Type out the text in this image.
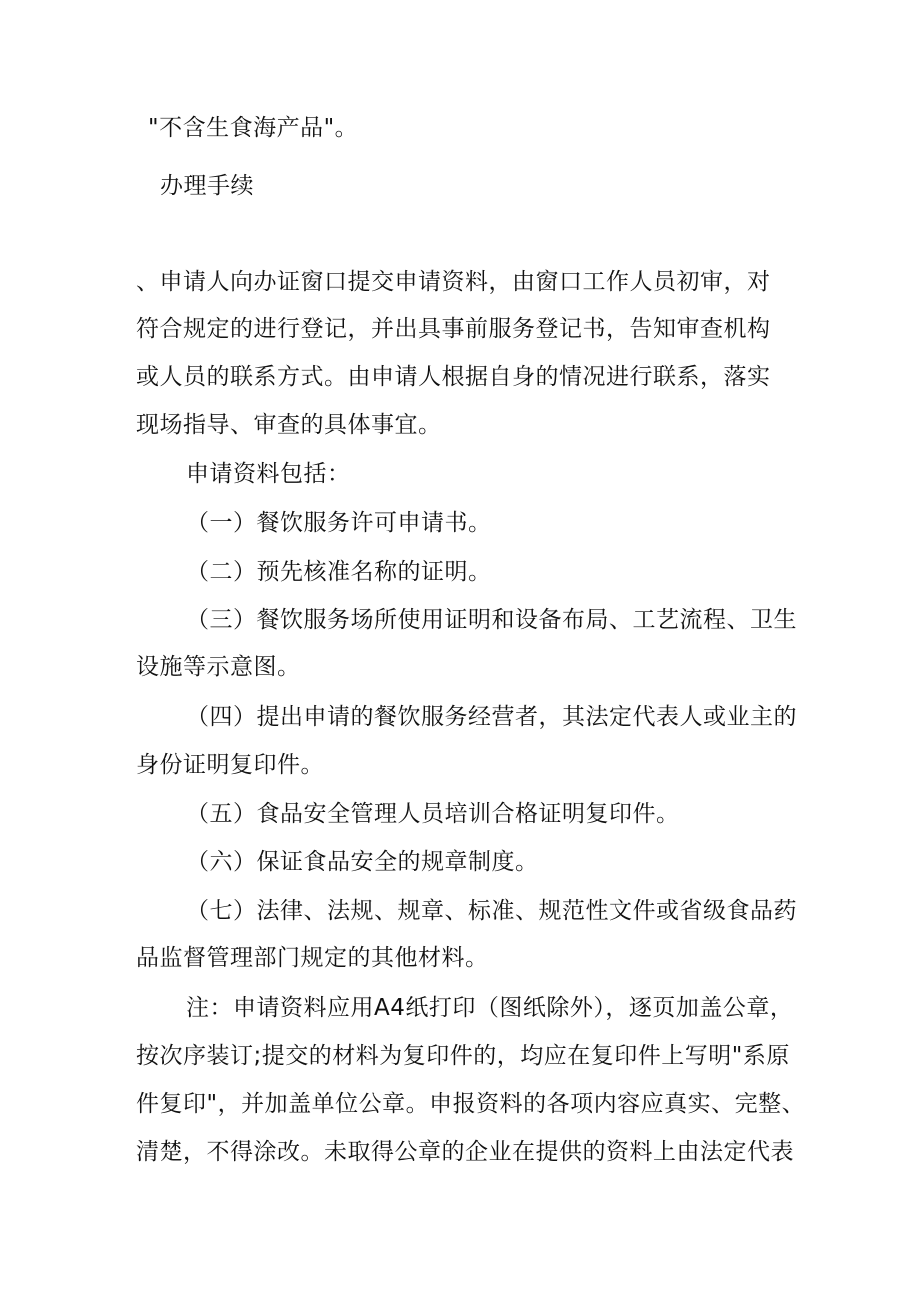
"不含生食海产品"。
办理手续
、申请人向办证窗口提交申请资料，由窗口工作人员初审，对
符合规定的进行登记，并出具事前服务登记书，告知审查机构
或人员的联系方式。由申请人根据自身的情况进行联系，落实
现场指导、审查的具体事宜。
申请资料包括：
（一）餐饮服务许可申请书。
（二）预先核准名称的证明。
（三）餐饮服务场所使用证明和设备布局、工艺流程、卫生
设施等示意图。
（四）提出申请的餐饮服务经营者，其法定代表人或业主的
身份证明复印件。
（五）食品安全管理人员培训合格证明复印件。
（六）保证食品安全的规章制度。
（七）法律、法规、规章、标准、规范性文件或省级食品药
品监督管理部门规定的其他材料。
注：申请资料应用A4纸打印（图纸除外），逐页加盖公章，
按次序装订;提交的材料为复印件的，均应在复印件上写明"系原
件复印"，并加盖单位公章。申报资料的各项内容应真实、完整、
清楚，不得涂改。未取得公章的企业在提供的资料上由法定代表
